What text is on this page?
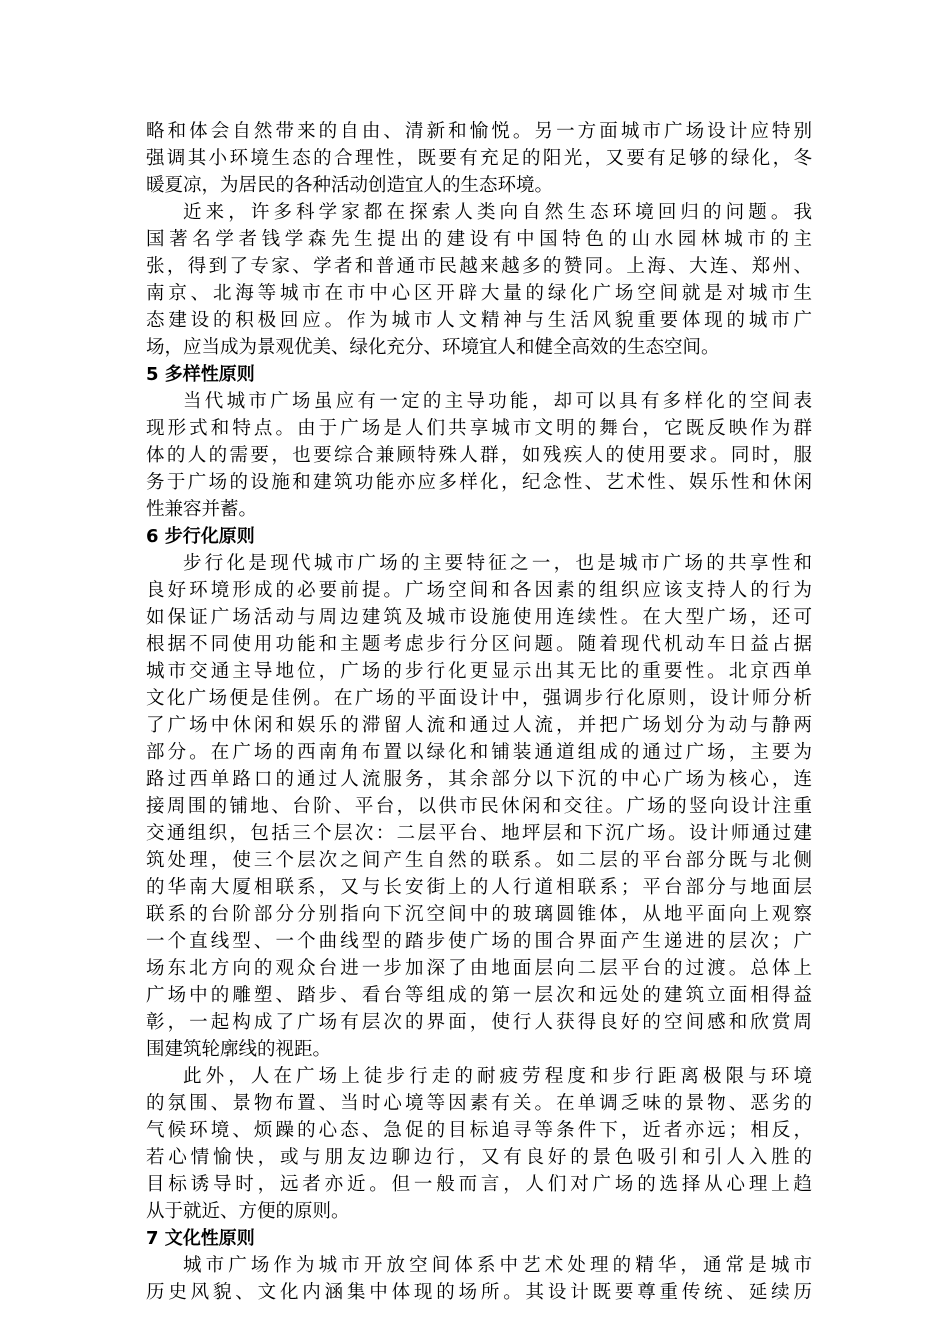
略和体会自然带来的自由、清新和愉悦。另一方面城市广场设计应特别
强调其小环境生态的合理性，既要有充足的阳光，又要有足够的绿化，冬
暖夏凉，为居民的各种活动创造宜人的生态环境。
近来，许多科学家都在探索人类向自然生态环境回归的问题。我
国著名学者钱学森先生提出的建设有中国特色的山水园林城市的主
张，得到了专家、学者和普通市民越来越多的赞同。上海、大连、郑州、
南京、北海等城市在市中心区开辟大量的绿化广场空间就是对城市生
态建设的积极回应。作为城市人文精神与生活风貌重要体现的城市广
场，应当成为景观优美、绿化充分、环境宜人和健全高效的生态空间。
5 多样性原则
当代城市广场虽应有一定的主导功能，却可以具有多样化的空间表
现形式和特点。由于广场是人们共享城市文明的舞台，它既反映作为群
体的人的需要，也要综合兼顾特殊人群，如残疾人的使用要求。同时，服
务于广场的设施和建筑功能亦应多样化，纪念性、艺术性、娱乐性和休闲
性兼容并蓄。
6 步行化原则
步行化是现代城市广场的主要特征之一，也是城市广场的共享性和
良好环境形成的必要前提。广场空间和各因素的组织应该支持人的行为
如保证广场活动与周边建筑及城市设施使用连续性。在大型广场，还可
根据不同使用功能和主题考虑步行分区问题。随着现代机动车日益占据
城市交通主导地位，广场的步行化更显示出其无比的重要性。北京西单
文化广场便是佳例。在广场的平面设计中，强调步行化原则，设计师分析
了广场中休闲和娱乐的滞留人流和通过人流，并把广场划分为动与静两
部分。在广场的西南角布置以绿化和铺装通道组成的通过广场，主要为
路过西单路口的通过人流服务，其余部分以下沉的中心广场为核心，连
接周围的铺地、台阶、平台，以供市民休闲和交往。广场的竖向设计注重
交通组织，包括三个层次：二层平台、地坪层和下沉广场。设计师通过建
筑处理，使三个层次之间产生自然的联系。如二层的平台部分既与北侧
的华南大厦相联系，又与长安街上的人行道相联系；平台部分与地面层
联系的台阶部分分别指向下沉空间中的玻璃圆锥体，从地平面向上观察
一个直线型、一个曲线型的踏步使广场的围合界面产生递进的层次；广
场东北方向的观众台进一步加深了由地面层向二层平台的过渡。总体上
广场中的雕塑、踏步、看台等组成的第一层次和远处的建筑立面相得益
彰，一起构成了广场有层次的界面，使行人获得良好的空间感和欣赏周
围建筑轮廓线的视距。
此外，人在广场上徒步行走的耐疲劳程度和步行距离极限与环境
的氛围、景物布置、当时心境等因素有关。在单调乏味的景物、恶劣的
气候环境、烦躁的心态、急促的目标追寻等条件下，近者亦远；相反，
若心情愉快，或与朋友边聊边行，又有良好的景色吸引和引人入胜的
目标诱导时，远者亦近。但一般而言，人们对广场的选择从心理上趋
从于就近、方便的原则。
7 文化性原则
城市广场作为城市开放空间体系中艺术处理的精华，通常是城市
历史风貌、文化内涵集中体现的场所。其设计既要尊重传统、延续历
